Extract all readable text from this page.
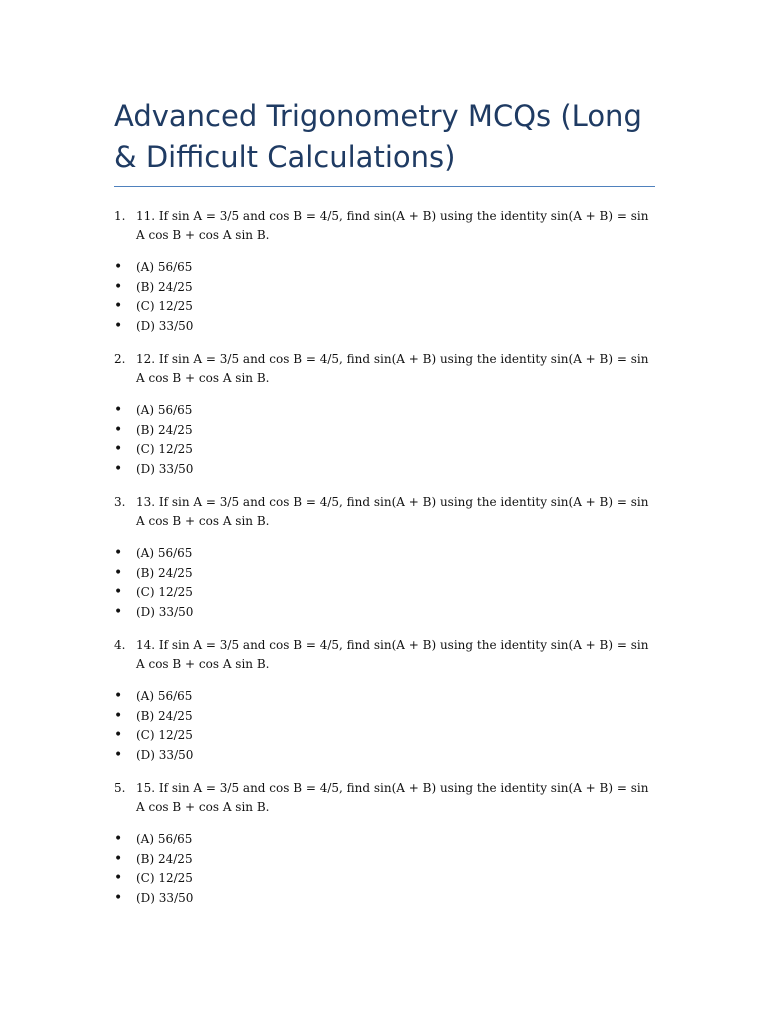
Advanced Trigonometry MCQs (Long & Difficult Calculations)
1. 11. If sin A = 3/5 and cos B = 4/5, find sin(A + B) using the identity sin(A + B) = sin A cos B + cos A sin B.
• (A) 56/65
• (B) 24/25
• (C) 12/25
• (D) 33/50
2. 12. If sin A = 3/5 and cos B = 4/5, find sin(A + B) using the identity sin(A + B) = sin A cos B + cos A sin B.
• (A) 56/65
• (B) 24/25
• (C) 12/25
• (D) 33/50
3. 13. If sin A = 3/5 and cos B = 4/5, find sin(A + B) using the identity sin(A + B) = sin A cos B + cos A sin B.
• (A) 56/65
• (B) 24/25
• (C) 12/25
• (D) 33/50
4. 14. If sin A = 3/5 and cos B = 4/5, find sin(A + B) using the identity sin(A + B) = sin A cos B + cos A sin B.
• (A) 56/65
• (B) 24/25
• (C) 12/25
• (D) 33/50
5. 15. If sin A = 3/5 and cos B = 4/5, find sin(A + B) using the identity sin(A + B) = sin A cos B + cos A sin B.
• (A) 56/65
• (B) 24/25
• (C) 12/25
• (D) 33/50
